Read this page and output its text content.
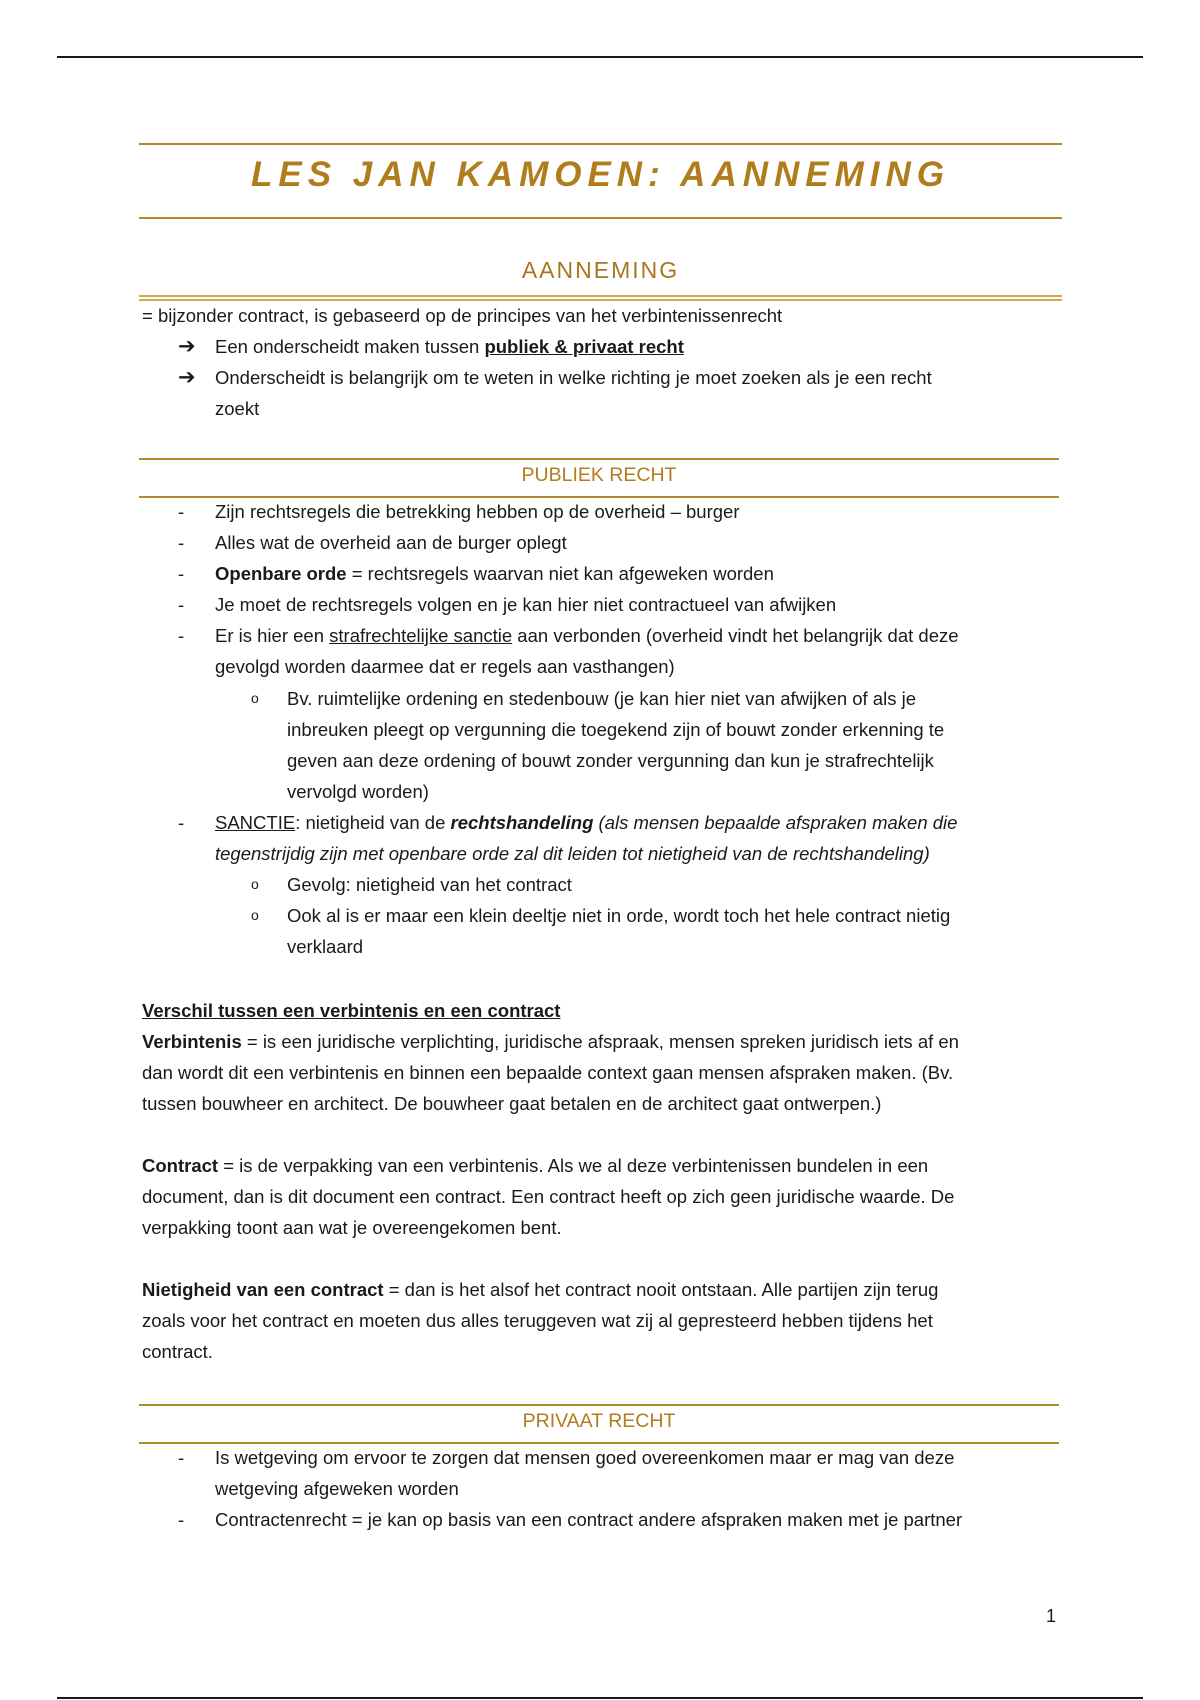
LES JAN KAMOEN: AANNEMING
AANNEMING
= bijzonder contract, is gebaseerd op de principes van het verbintenissenrecht
➔ Een onderscheidt maken tussen publiek & privaat recht
➔ Onderscheidt is belangrijk om te weten in welke richting je moet zoeken als je een recht
zoekt
PUBLIEK RECHT
- Zijn rechtsregels die betrekking hebben op de overheid – burger
- Alles wat de overheid aan de burger oplegt
- Openbare orde = rechtsregels waarvan niet kan afgeweken worden
- Je moet de rechtsregels volgen en je kan hier niet contractueel van afwijken
- Er is hier een strafrechtelijke sanctie aan verbonden (overheid vindt het belangrijk dat deze
gevolgd worden daarmee dat er regels aan vasthangen)
o Bv. ruimtelijke ordening en stedenbouw (je kan hier niet van afwijken of als je
inbreuken pleegt op vergunning die toegekend zijn of bouwt zonder erkenning te
geven aan deze ordening of bouwt zonder vergunning dan kun je strafrechtelijk
vervolgd worden)
- SANCTIE: nietigheid van de rechtshandeling (als mensen bepaalde afspraken maken die
tegenstrijdig zijn met openbare orde zal dit leiden tot nietigheid van de rechtshandeling)
o Gevolg: nietigheid van het contract
o Ook al is er maar een klein deeltje niet in orde, wordt toch het hele contract nietig
verklaard
Verschil tussen een verbintenis en een contract
Verbintenis = is een juridische verplichting, juridische afspraak, mensen spreken juridisch iets af en
dan wordt dit een verbintenis en binnen een bepaalde context gaan mensen afspraken maken. (Bv.
tussen bouwheer en architect. De bouwheer gaat betalen en de architect gaat ontwerpen.)
Contract = is de verpakking van een verbintenis. Als we al deze verbintenissen bundelen in een
document, dan is dit document een contract. Een contract heeft op zich geen juridische waarde. De
verpakking toont aan wat je overeengekomen bent.
Nietigheid van een contract = dan is het alsof het contract nooit ontstaan. Alle partijen zijn terug
zoals voor het contract en moeten dus alles teruggeven wat zij al gepresteerd hebben tijdens het
contract.
PRIVAAT RECHT
- Is wetgeving om ervoor te zorgen dat mensen goed overeenkomen maar er mag van deze
wetgeving afgeweken worden
- Contractenrecht = je kan op basis van een contract andere afspraken maken met je partner
1
